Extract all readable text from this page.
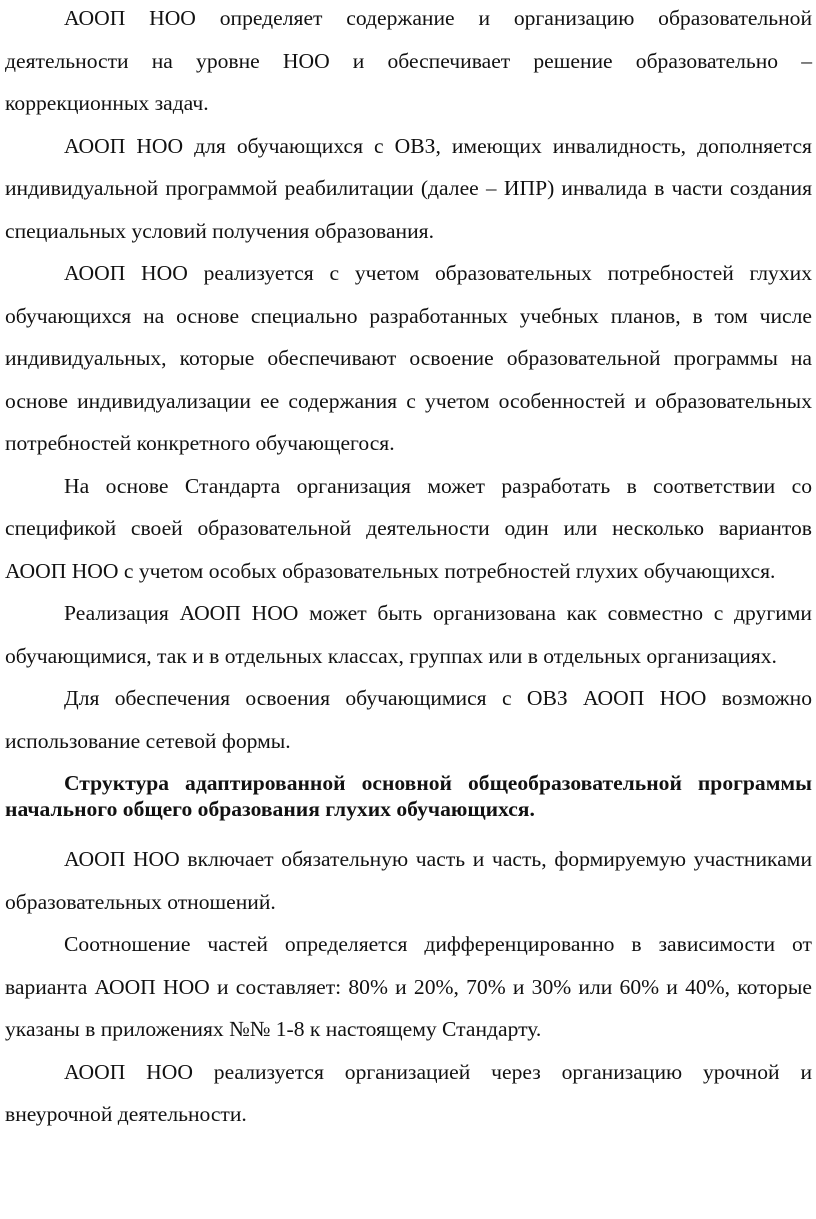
АООП НОО определяет содержание и организацию образовательной деятельности на уровне НОО и обеспечивает решение образовательно – коррекционных задач.

АООП НОО для обучающихся с ОВЗ, имеющих инвалидность, дополняется индивидуальной программой реабилитации (далее ⎯ ИПР) инвалида в части создания специальных условий получения образования.

АООП НОО реализуется с учетом образовательных потребностей глухих обучающихся на основе специально разработанных учебных планов, в том числе индивидуальных, которые обеспечивают освоение образовательной программы на основе индивидуализации ее содержания с учетом особенностей и образовательных потребностей конкретного обучающегося.

На основе Стандарта организация может разработать в соответствии со спецификой своей образовательной деятельности один или несколько вариантов АООП НОО с учетом особых образовательных потребностей глухих обучающихся.

Реализация АООП НОО может быть организована как совместно с другими обучающимися, так и в отдельных классах, группах или в отдельных организациях.

Для обеспечения освоения обучающимися с ОВЗ АООП НОО возможно использование сетевой формы.

Структура адаптированной основной общеобразовательной программы начального общего образования глухих обучающихся.

АООП НОО включает обязательную часть и часть, формируемую участниками образовательных отношений.

Соотношение частей определяется дифференцированно в зависимости от варианта АООП НОО и составляет: 80% и 20%, 70% и 30% или 60% и 40%, которые указаны в приложениях №№ 1-8 к настоящему Стандарту.

АООП НОО реализуется организацией через организацию урочной и внеурочной деятельности.
